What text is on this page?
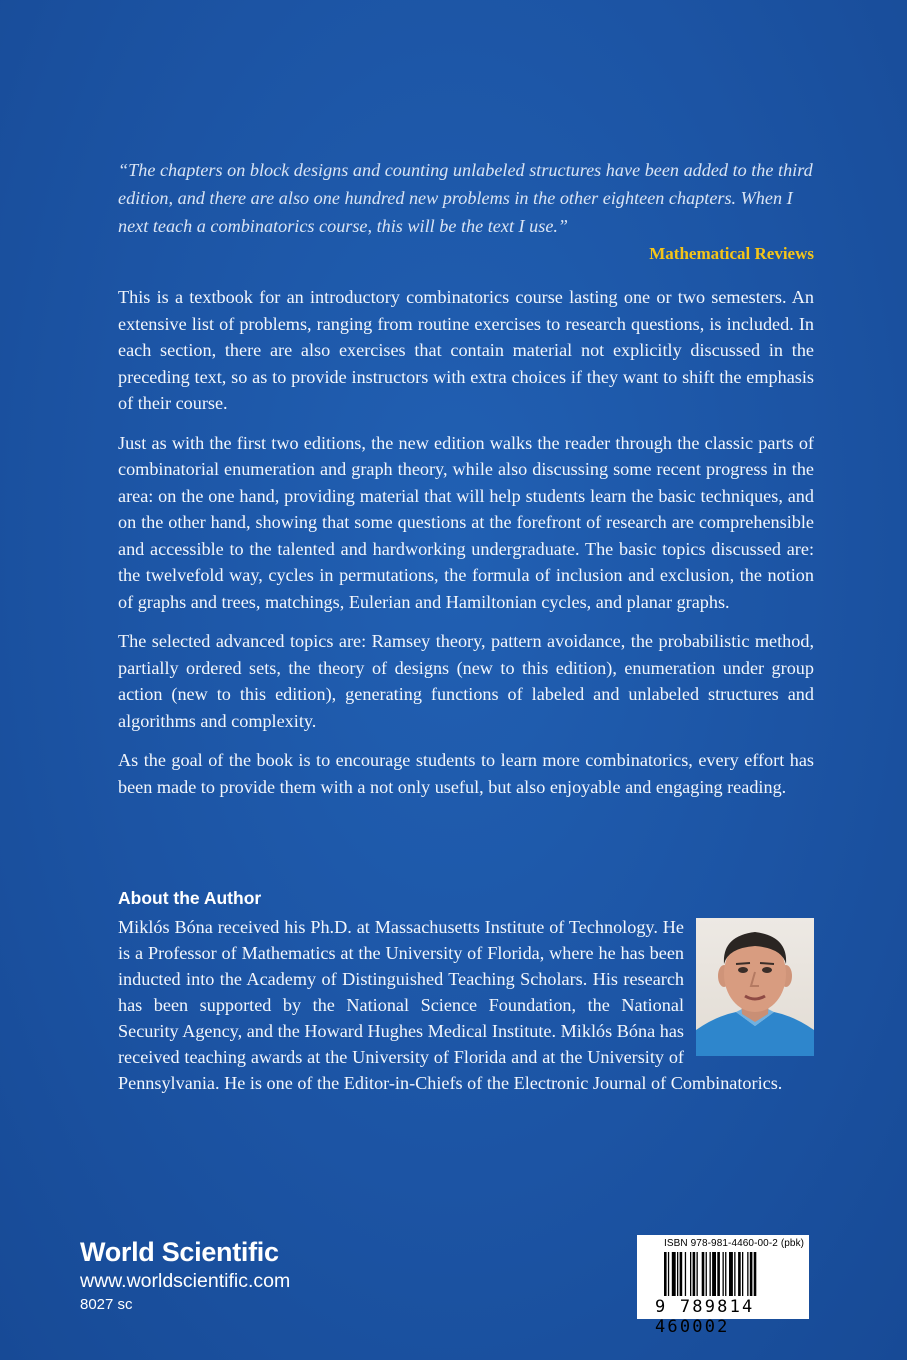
“The chapters on block designs and counting unlabeled structures have been added to the third edition, and there are also one hundred new problems in the other eighteen chapters. When I next teach a combinatorics course, this will be the text I use.”
Mathematical Reviews

This is a textbook for an introductory combinatorics course lasting one or two semesters. An extensive list of problems, ranging from routine exercises to research questions, is included. In each section, there are also exercises that contain material not explicitly discussed in the preceding text, so as to provide instructors with extra choices if they want to shift the emphasis of their course.

Just as with the first two editions, the new edition walks the reader through the classic parts of combinatorial enumeration and graph theory, while also discussing some recent progress in the area: on the one hand, providing material that will help students learn the basic techniques, and on the other hand, showing that some questions at the forefront of research are comprehensible and accessible to the talented and hardworking undergraduate. The basic topics discussed are: the twelvefold way, cycles in permutations, the formula of inclusion and exclusion, the notion of graphs and trees, matchings, Eulerian and Hamiltonian cycles, and planar graphs.

The selected advanced topics are: Ramsey theory, pattern avoidance, the probabilistic method, partially ordered sets, the theory of designs (new to this edition), enumeration under group action (new to this edition), generating functions of labeled and unlabeled structures and algorithms and complexity.

As the goal of the book is to encourage students to learn more combinatorics, every effort has been made to provide them with a not only useful, but also enjoyable and engaging reading.

About the Author
Miklós Bóna received his Ph.D. at Massachusetts Institute of Technology. He is a Professor of Mathematics at the University of Florida, where he has been inducted into the Academy of Distinguished Teaching Scholars. His research has been supported by the National Science Foundation, the National Security Agency, and the Howard Hughes Medical Institute. Miklós Bóna has received teaching awards at the University of Florida and at the University of Pennsylvania. He is one of the Editor-in-Chiefs of the Electronic Journal of Combinatorics.
World Scientific
www.worldscientific.com
8027 sc
ISBN 978-981-4460-00-2 (pbk)
9 789814 460002
